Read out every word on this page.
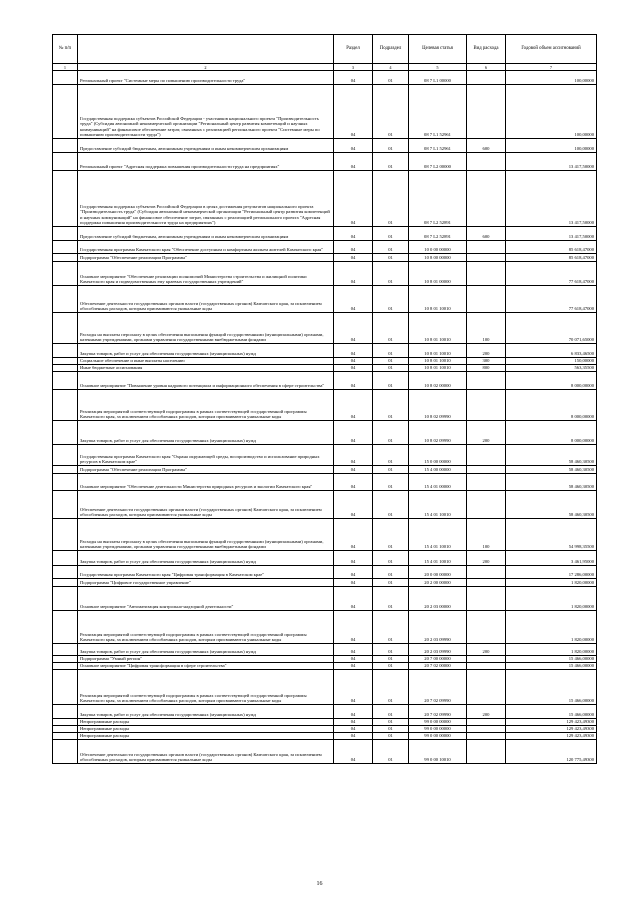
№ п/п		Раздел	Подраздел	Целевая статья	Вид расхода	Годовой объем ассигнований
1	2	3	4	5	6	7
	Региональный проект "Системные меры по повышению производительности труда"	04	01	08 7 L1 00000		100,00000
	Государственная поддержка субъектов Российской Федерации - участников национального проекта "Производительность труда" (Субсидия автономной некоммерческой организации "Региональный центр развития компетенций и научных коммуникаций" на финансовое обеспечение затрат, связанных с реализацией регионального проекта "Системные меры по повышению производительности труда")	04	01	08 7 L1 52961		100,00000
	Предоставление субсидий бюджетным, автономным учреждениям и иным некоммерческим организациям	04	01	08 7 L1 52961	600	100,00000
	Региональный проект "Адресная поддержка повышения производительности труда на предприятиях"	04	01	08 7 L2 00000		13 417,50000
	Государственная поддержка субъектов Российской Федерации в целях достижения результатов национального проекта "Производительность труда" (Субсидия автономной некоммерческой организации "Региональный центр развития компетенций и научных коммуникаций" на финансовое обеспечение затрат, связанных с реализацией регионального проекта "Адресная поддержка повышения производительности труда на предприятиях")	04	01	08 7 L2 52891		13 417,50000
	Предоставление субсидий бюджетным, автономным учреждениям и иным некоммерческим организациям	04	01	08 7 L2 52891	600	13 417,50000
	Государственная программа Камчатского края "Обеспечение доступным и комфортным жильем жителей Камчатского края"	04	01	10 0 00 00000		85 618,47000
	Подпрограмма "Обеспечение реализации Программы"	04	01	10 8 00 00000		85 618,47000
	Основное мероприятие "Обеспечение реализации полномочий Министерства строительства и жилищной политики Камчатского края и подведомственных ему краевых государственных учреждений"	04	01	10 8 01 00000		77 618,47000
	Обеспечение деятельности государственных органов власти (государственных органов) Камчатского края, за исключением обособленных расходов, которым присваиваются уникальные коды	04	01	10 8 01 10010		77 618,47000
	Расходы на выплаты персоналу в целях обеспечения выполнения функций государственными (муниципальными) органами, казенными учреждениями, органами управления государственными внебюджетными фондами	04	01	10 8 01 10010	100	70 071,65000
	Закупка товаров, работ и услуг для обеспечения государственных (муниципальных) нужд	04	01	10 8 01 10010	200	6 833,46500
	Социальное обеспечение и иные выплаты населению	04	01	10 8 01 10010	300	150,00000
	Иные бюджетные ассигнования	04	01	10 8 01 10010	800	563,35500
	Основное мероприятие "Повышение уровня кадрового потенциала и информационного обеспечения в сфере строительства"	04	01	10 8 02 00000		8 000,00000
	Реализация мероприятий соответствующей подпрограммы в рамках соответствующей государственной программы Камчатского края, за исключением обособленных расходов, которым присваиваются уникальные коды	04	01	10 8 02 09990		8 000,00000
	Закупка товаров, работ и услуг для обеспечения государственных (муниципальных) нужд	04	01	10 8 02 09990	200	8 000,00000
	Государственная программа Камчатского края "Охрана окружающей среды, воспроизводство и использование природных ресурсов в Камчатском крае"	04	01	15 0 00 00000		58 460,30500
	Подпрограмма "Обеспечение реализации Программы"	04	01	15 4 00 00000		58 460,30500
	Основное мероприятие "Обеспечение деятельности Министерства природных ресурсов и экологии Камчатского края"	04	01	15 4 01 00000		58 460,30500
	Обеспечение деятельности государственных органов власти (государственных органов) Камчатского края, за исключением обособленных расходов, которым присваиваются уникальные коды	04	01	15 4 01 10010		58 460,30500
	Расходы на выплаты персоналу в целях обеспечения выполнения функций государственными (муниципальными) органами, казенными учреждениями, органами управления государственными внебюджетными фондами	04	01	15 4 01 10010	100	54 998,35500
	Закупка товаров, работ и услуг для обеспечения государственных (муниципальных) нужд	04	01	15 4 01 10010	200	3 461,95000
	Государственная программа Камчатского края "Цифровая трансформация в Камчатском крае"	04	01	20 0 00 00000		17 286,00000
	Подпрограмма "Цифровое государственное управление"	04	01	20 2 00 00000		1 820,00000
	Основное мероприятие "Автоматизация контрольно-надзорной деятельности"	04	01	20 2 03 00000		1 820,00000
	Реализация мероприятий соответствующей подпрограммы в рамках соответствующей государственной программы Камчатского края, за исключением обособленных расходов, которым присваиваются уникальные коды	04	01	20 2 03 09990		1 820,00000
	Закупка товаров, работ и услуг для обеспечения государственных (муниципальных) нужд	04	01	20 2 03 09990	200	1 820,00000
	Подпрограмма "Умный регион"	04	01	20 7 00 00000		15 466,00000
	Основное мероприятие "Цифровая трансформация в сфере строительства"	04	01	20 7 02 00000		15 466,00000
	Реализация мероприятий соответствующей подпрограммы в рамках соответствующей государственной программы Камчатского края, за исключением обособленных расходов, которым присваиваются уникальные коды	04	01	20 7 02 09990		15 466,00000
	Закупка товаров, работ и услуг для обеспечения государственных (муниципальных) нужд	04	01	20 7 02 09990	200	15 466,00000
	Непрограммные расходы	04	01	99 0 00 00000		129 423,49300
	Непрограммные расходы	04	01	99 0 00 00000		129 423,49300
	Непрограммные расходы	04	01	99 0 00 00000		129 423,49300
	Обеспечение деятельности государственных органов власти (государственных органов) Камчатского края, за исключением обособленных расходов, которым присваиваются уникальные коды	04	01	99 0 00 10010		120 775,49300
16
